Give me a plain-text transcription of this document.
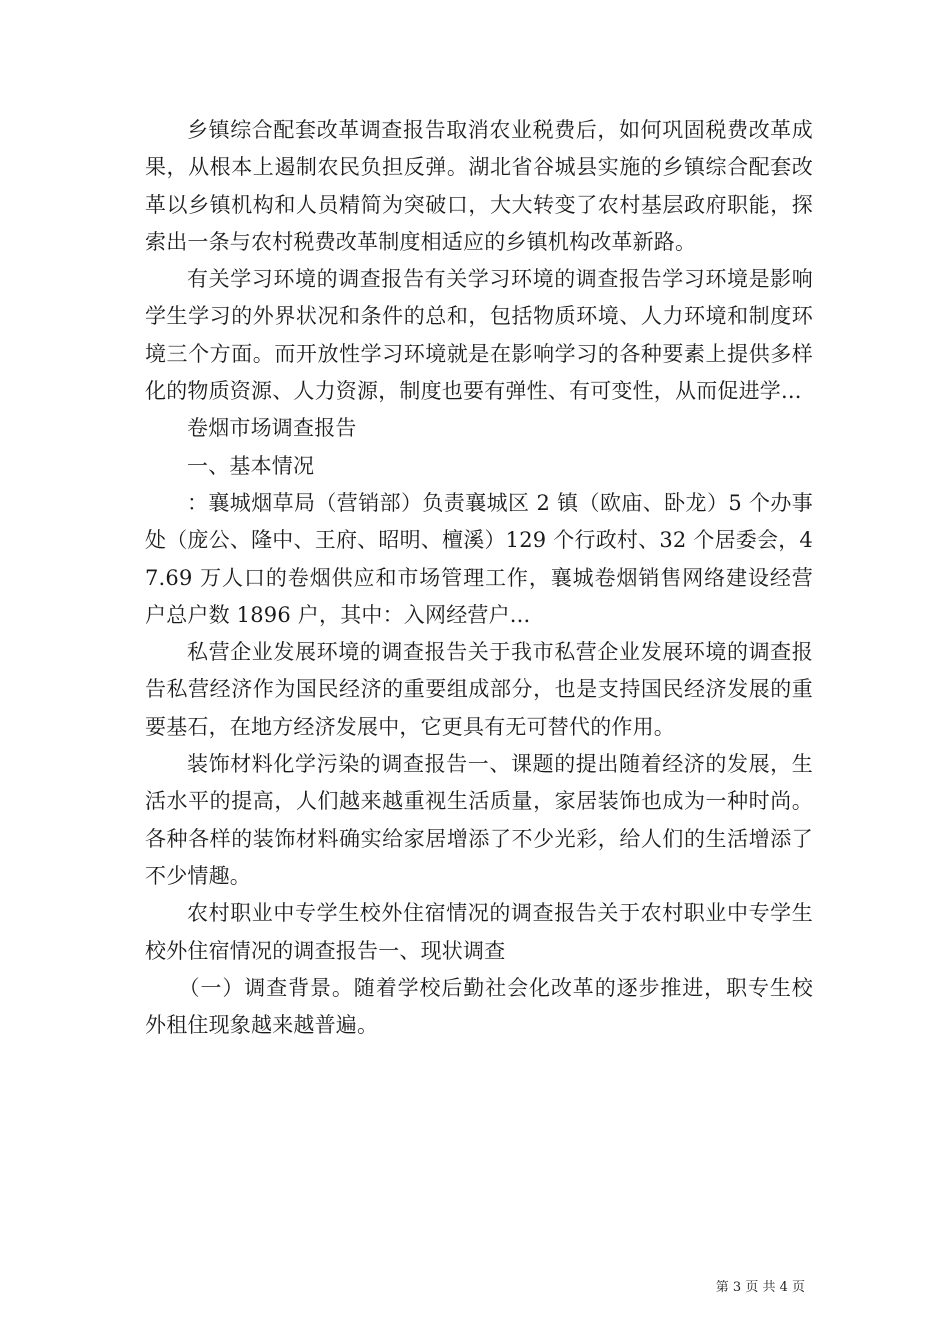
乡镇综合配套改革调查报告取消农业税费后，如何巩固税费改革成果，从根本上遏制农民负担反弹。湖北省谷城县实施的乡镇综合配套改革以乡镇机构和人员精简为突破口，大大转变了农村基层政府职能，探索出一条与农村税费改革制度相适应的乡镇机构改革新路。

有关学习环境的调查报告有关学习环境的调查报告学习环境是影响学生学习的外界状况和条件的总和，包括物质环境、人力环境和制度环境三个方面。而开放性学习环境就是在影响学习的各种要素上提供多样化的物质资源、人力资源，制度也要有弹性、有可变性，从而促进学...

卷烟市场调查报告

一、基本情况

：襄城烟草局（营销部）负责襄城区 2 镇（欧庙、卧龙）5 个办事处（庞公、隆中、王府、昭明、檀溪）129 个行政村、32 个居委会，47.69 万人口的卷烟供应和市场管理工作，襄城卷烟销售网络建设经营户总户数 1896 户，其中：入网经营户...

私营企业发展环境的调查报告关于我市私营企业发展环境的调查报告私营经济作为国民经济的重要组成部分，也是支持国民经济发展的重要基石，在地方经济发展中，它更具有无可替代的作用。

装饰材料化学污染的调查报告一、课题的提出随着经济的发展，生活水平的提高，人们越来越重视生活质量，家居装饰也成为一种时尚。各种各样的装饰材料确实给家居增添了不少光彩，给人们的生活增添了不少情趣。

农村职业中专学生校外住宿情况的调查报告关于农村职业中专学生校外住宿情况的调查报告一、现状调查

（一）调查背景。随着学校后勤社会化改革的逐步推进，职专生校外租住现象越来越普遍。

第 3 页 共 4 页
